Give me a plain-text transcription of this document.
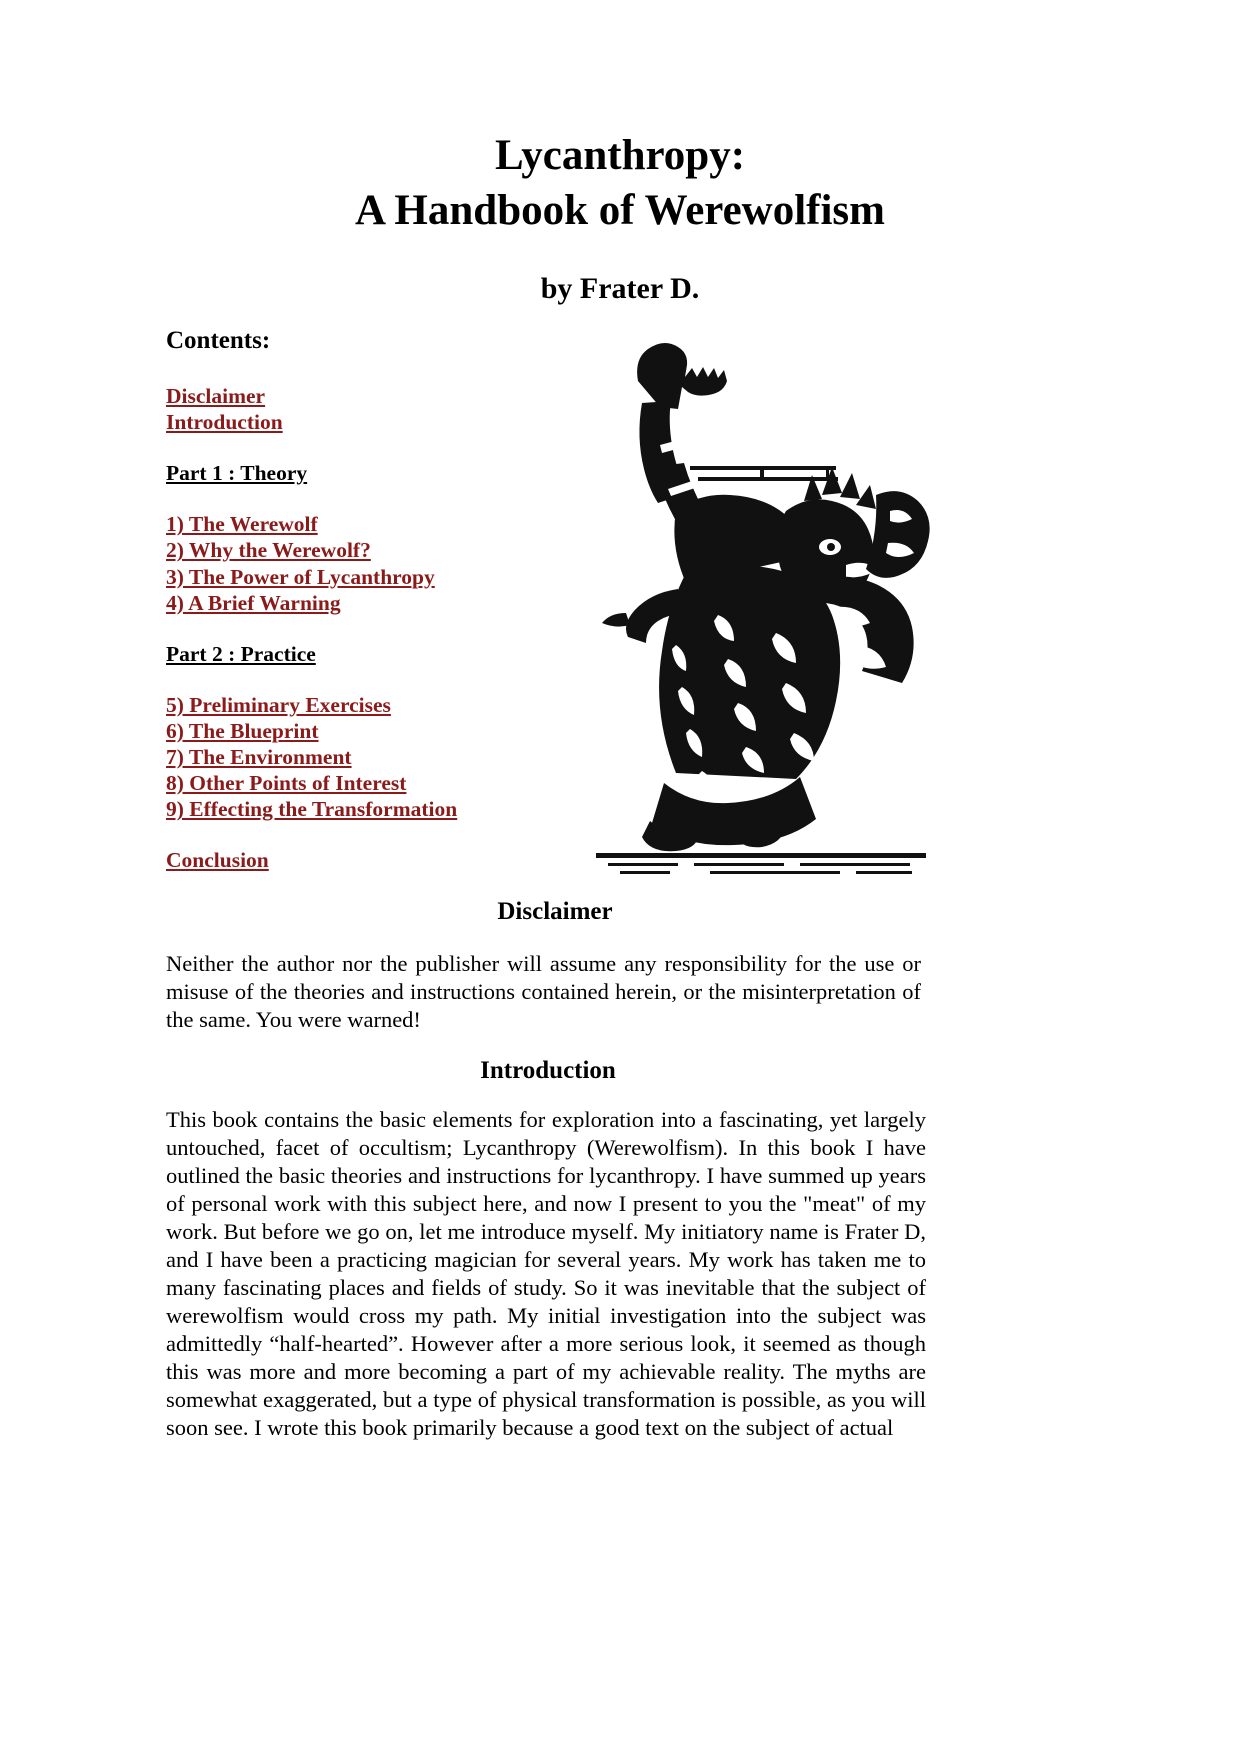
Lycanthropy:
A Handbook of Werewolfism
by Frater D.
Contents:
Disclaimer
Introduction
Part 1 : Theory
1) The Werewolf
2) Why the Werewolf?
3) The Power of Lycanthropy
4) A Brief Warning
Part 2 : Practice
5) Preliminary Exercises
6) The Blueprint
7) The Environment
8) Other Points of Interest
9) Effecting the Transformation
Conclusion
Disclaimer
Neither the author nor the publisher will assume any responsibility for the use or misuse of the theories and instructions contained herein, or the misinterpretation of the same. You were warned!
Introduction
This book contains the basic elements for exploration into a fascinating, yet largely untouched, facet of occultism; Lycanthropy (Werewolfism). In this book I have outlined the basic theories and instructions for lycanthropy. I have summed up years of personal work with this subject here, and now I present to you the "meat" of my work. But before we go on, let me introduce myself. My initiatory name is Frater D, and I have been a practicing magician for several years. My work has taken me to many fascinating places and fields of study. So it was inevitable that the subject of werewolfism would cross my path. My initial investigation into the subject was admittedly “half-hearted”. However after a more serious look, it seemed as though this was more and more becoming a part of my achievable reality. The myths are somewhat exaggerated, but a type of physical transformation is possible, as you will soon see. I wrote this book primarily because a good text on the subject of actual
